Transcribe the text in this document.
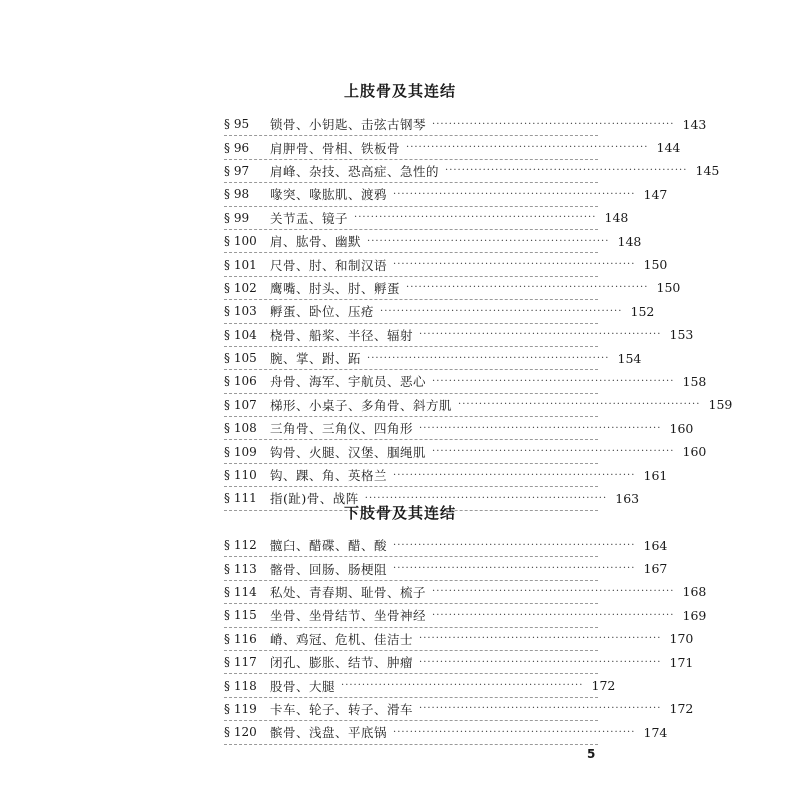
上肢骨及其连结
§ 95	锁骨、小钥匙、击弦古钢琴 ·························································· 143
§ 96	肩胛骨、骨相、铁板骨 ·························································· 144
§ 97	肩峰、杂技、恐高症、急性的 ·························································· 145
§ 98	喙突、喙肱肌、渡鸦 ·························································· 147
§ 99	关节盂、镜子 ·························································· 148
§ 100	肩、肱骨、幽默 ·························································· 148
§ 101	尺骨、肘、和制汉语 ·························································· 150
§ 102	鹰嘴、肘头、肘、孵蛋 ·························································· 150
§ 103	孵蛋、卧位、压疮 ·························································· 152
§ 104	桡骨、船桨、半径、辐射 ·························································· 153
§ 105	腕、掌、跗、跖 ·························································· 154
§ 106	舟骨、海军、宇航员、恶心 ·························································· 158
§ 107	梯形、小桌子、多角骨、斜方肌 ·························································· 159
§ 108	三角骨、三角仪、四角形 ·························································· 160
§ 109	钩骨、火腿、汉堡、腘绳肌 ·························································· 160
§ 110	钩、踝、角、英格兰 ·························································· 161
§ 111	指(趾)骨、战阵 ·························································· 163
下肢骨及其连结
§ 112	髋臼、醋碟、醋、酸 ·························································· 164
§ 113	髂骨、回肠、肠梗阻 ·························································· 167
§ 114	私处、青春期、耻骨、梳子 ·························································· 168
§ 115	坐骨、坐骨结节、坐骨神经 ·························································· 169
§ 116	嵴、鸡冠、危机、佳洁士 ·························································· 170
§ 117	闭孔、膨胀、结节、肿瘤 ·························································· 171
§ 118	股骨、大腿 ·························································· 172
§ 119	卡车、轮子、转子、滑车 ·························································· 172
§ 120	髌骨、浅盘、平底锅 ·························································· 174
5
